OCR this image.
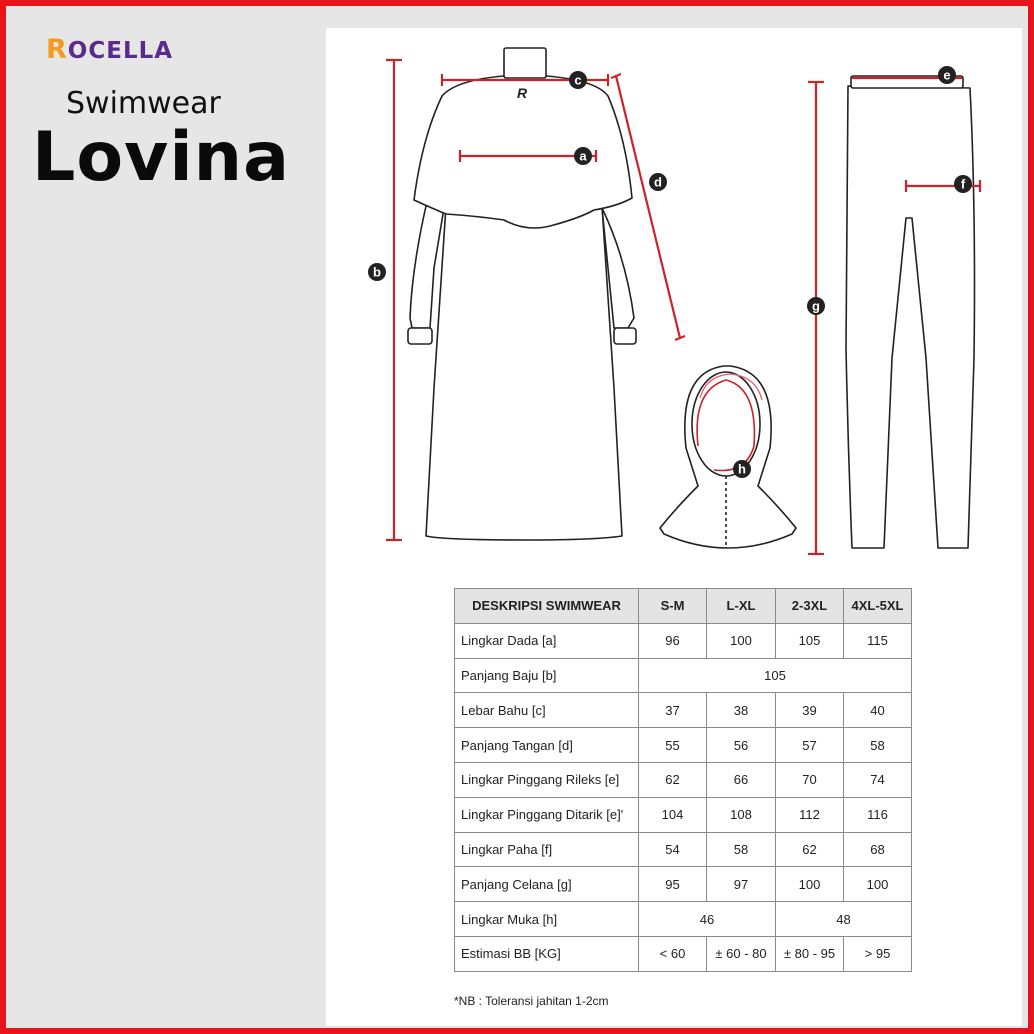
ROCELLA
Swimwear
Lovina	a
b
c
d
e
f
g
h
R
DESKRIPSI SWIMWEAR	S-M	L-XL	2-3XL	4XL-5XL
Lingkar Dada [a]	96	100	105	115
Panjang Baju [b]	105			
Lebar Bahu [c]	37	38	39	40
Panjang Tangan [d]	55	56	57	58
Lingkar Pinggang Rileks [e]	62	66	70	74
Lingkar Pinggang Ditarik [e]'	104	108	112	116
Lingkar Paha [f]	54	58	62	68
Panjang Celana [g]	95	97	100	100
Lingkar Muka [h]	46		48	
Estimasi BB [KG]	< 60	± 60 - 80	± 80 - 95	> 95
*NB : Toleransi jahitan 1-2cm
